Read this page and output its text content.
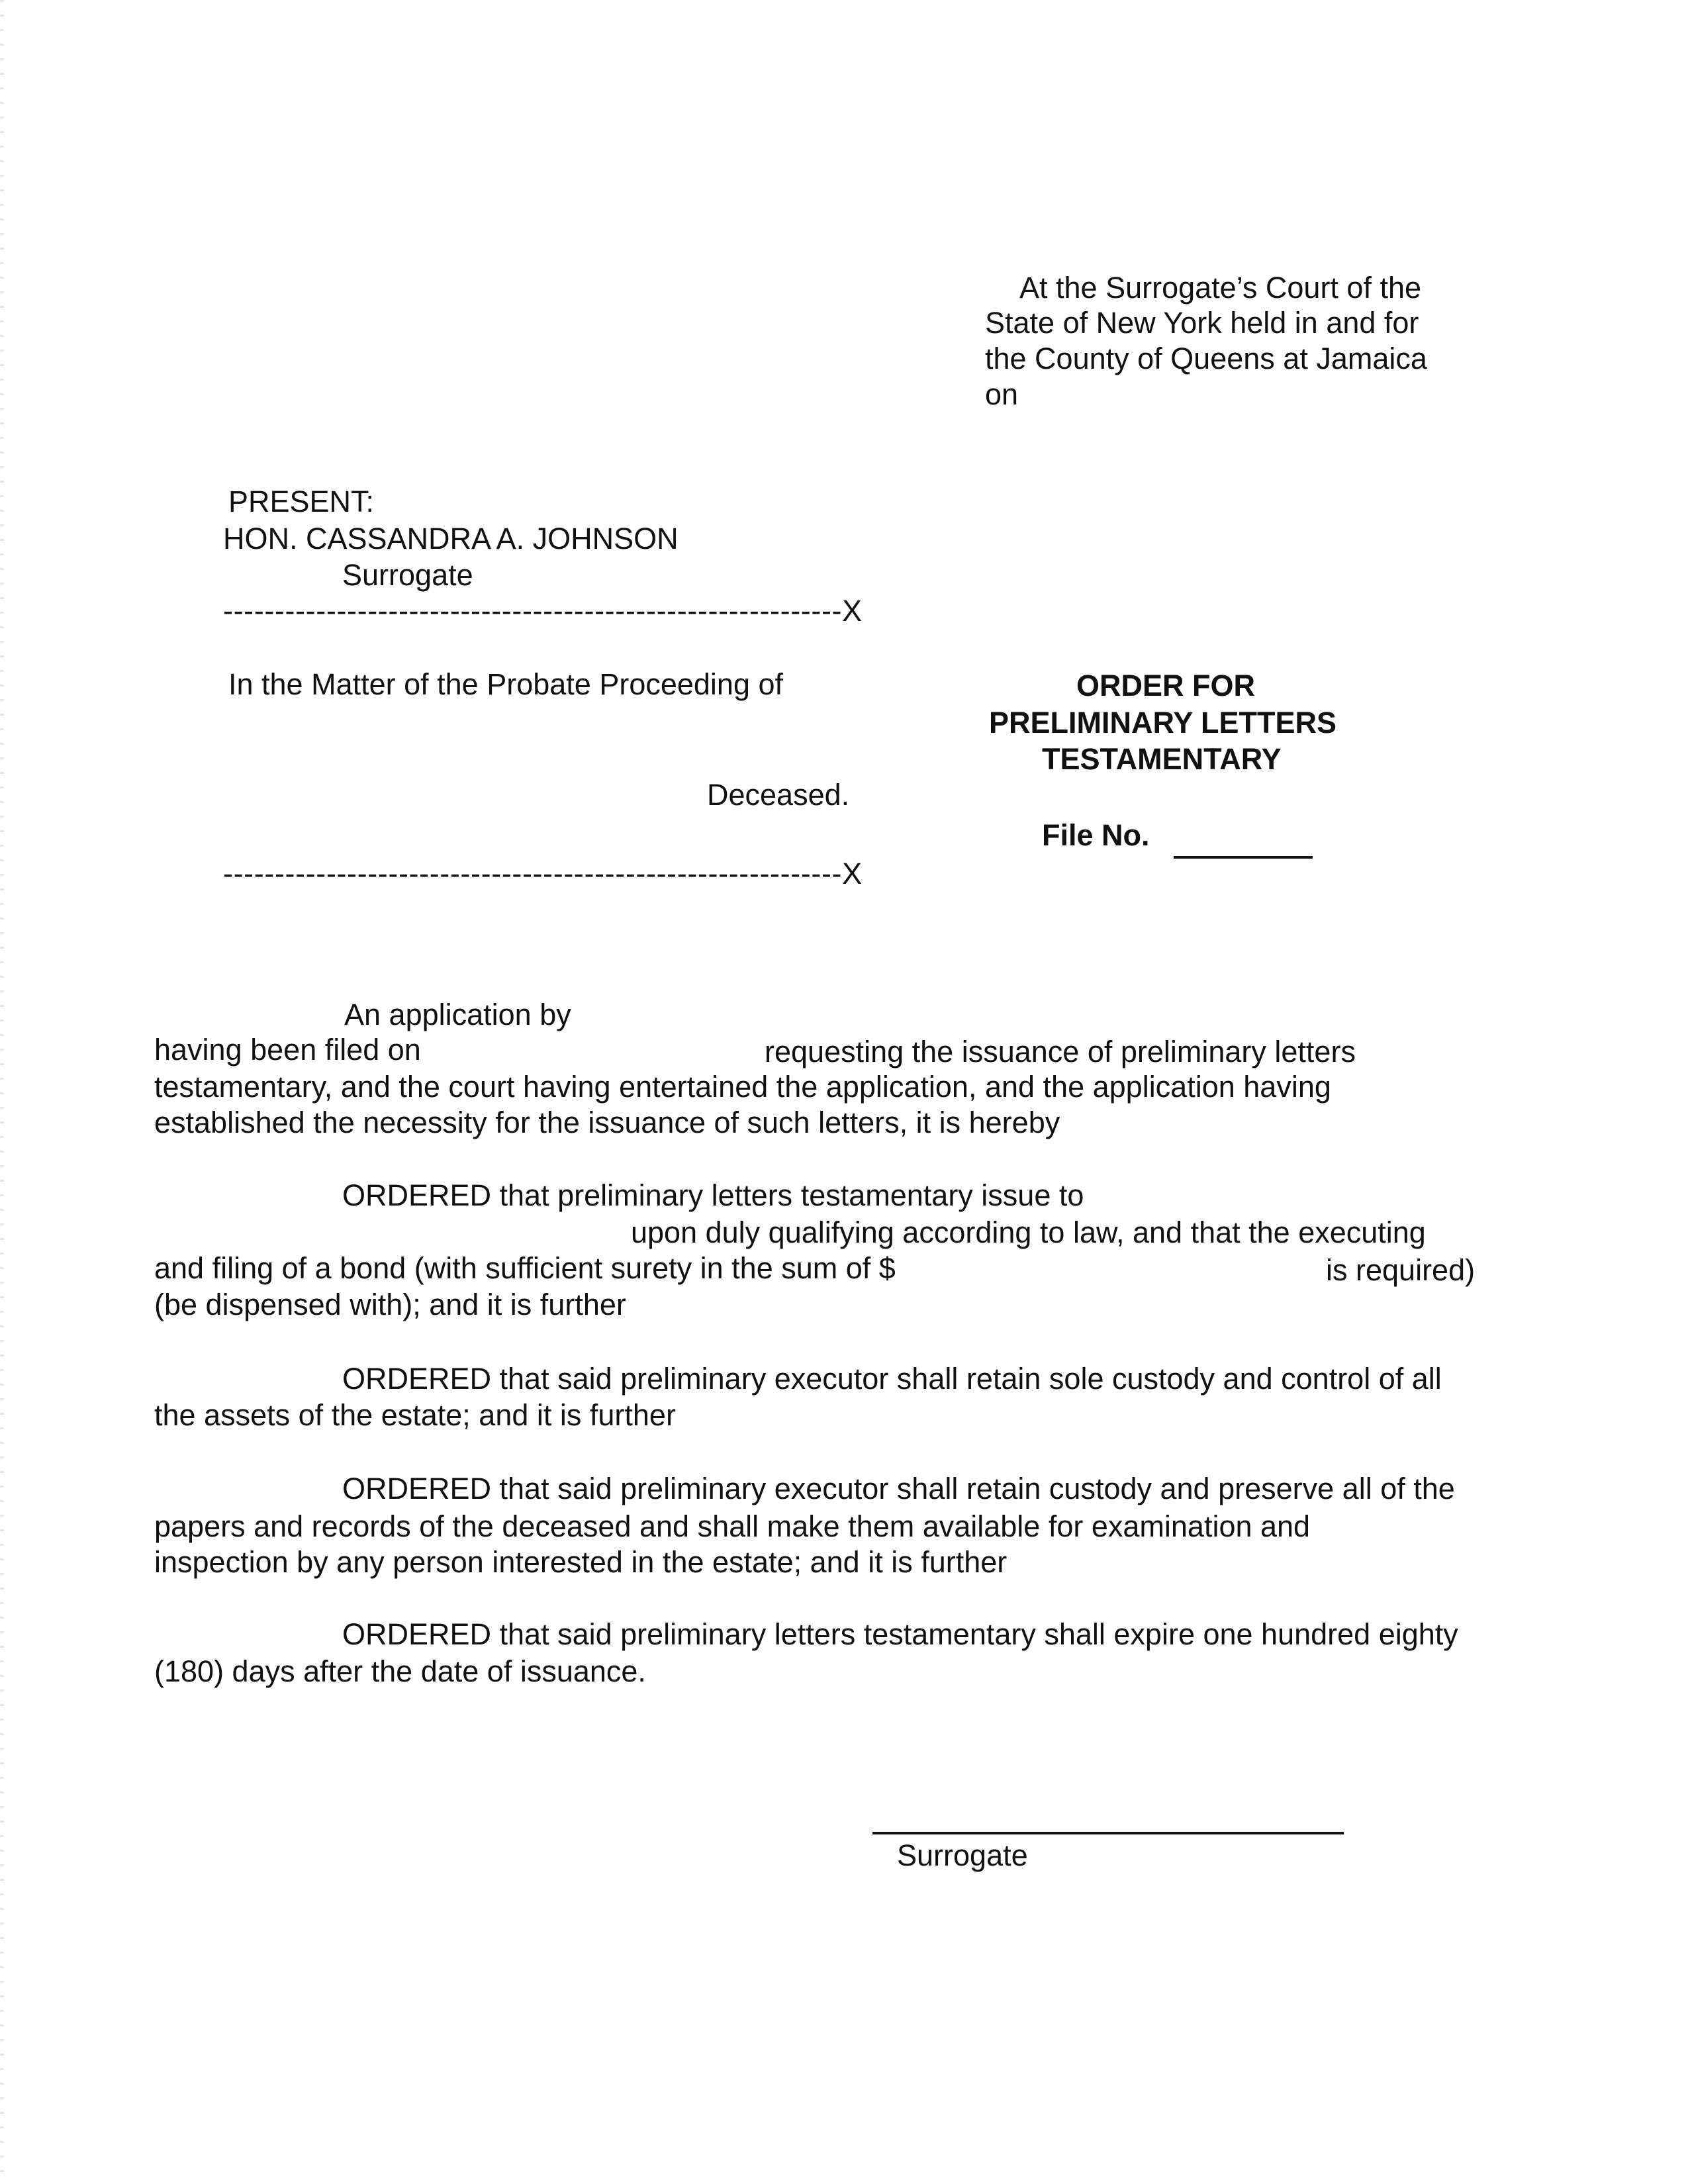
At the Surrogate’s Court of the
State of New York held in and for
the County of Queens at Jamaica
on
PRESENT:
HON. CASSANDRA A. JOHNSON
Surrogate
------------------------------------------------------------X
In the Matter of the Probate Proceeding of
Deceased.
------------------------------------------------------------X
ORDER FOR
PRELIMINARY LETTERS
TESTAMENTARY
File No.
An application by
having been filed on	requesting the issuance of preliminary letters
testamentary, and the court having entertained the application, and the application having
established the necessity for the issuance of such letters, it is hereby
ORDERED that preliminary letters testamentary issue to
upon duly qualifying according to law, and that the executing
and filing of a bond (with sufficient surety in the sum of $	is required)
(be dispensed with); and it is further
ORDERED that said preliminary executor shall retain sole custody and control of all
the assets of the estate; and it is further
ORDERED that said preliminary executor shall retain custody and preserve all of the
papers and records of the deceased and shall make them available for examination and
inspection by any person interested in the estate; and it is further
ORDERED that said preliminary letters testamentary shall expire one hundred eighty
(180) days after the date of issuance.
Surrogate
